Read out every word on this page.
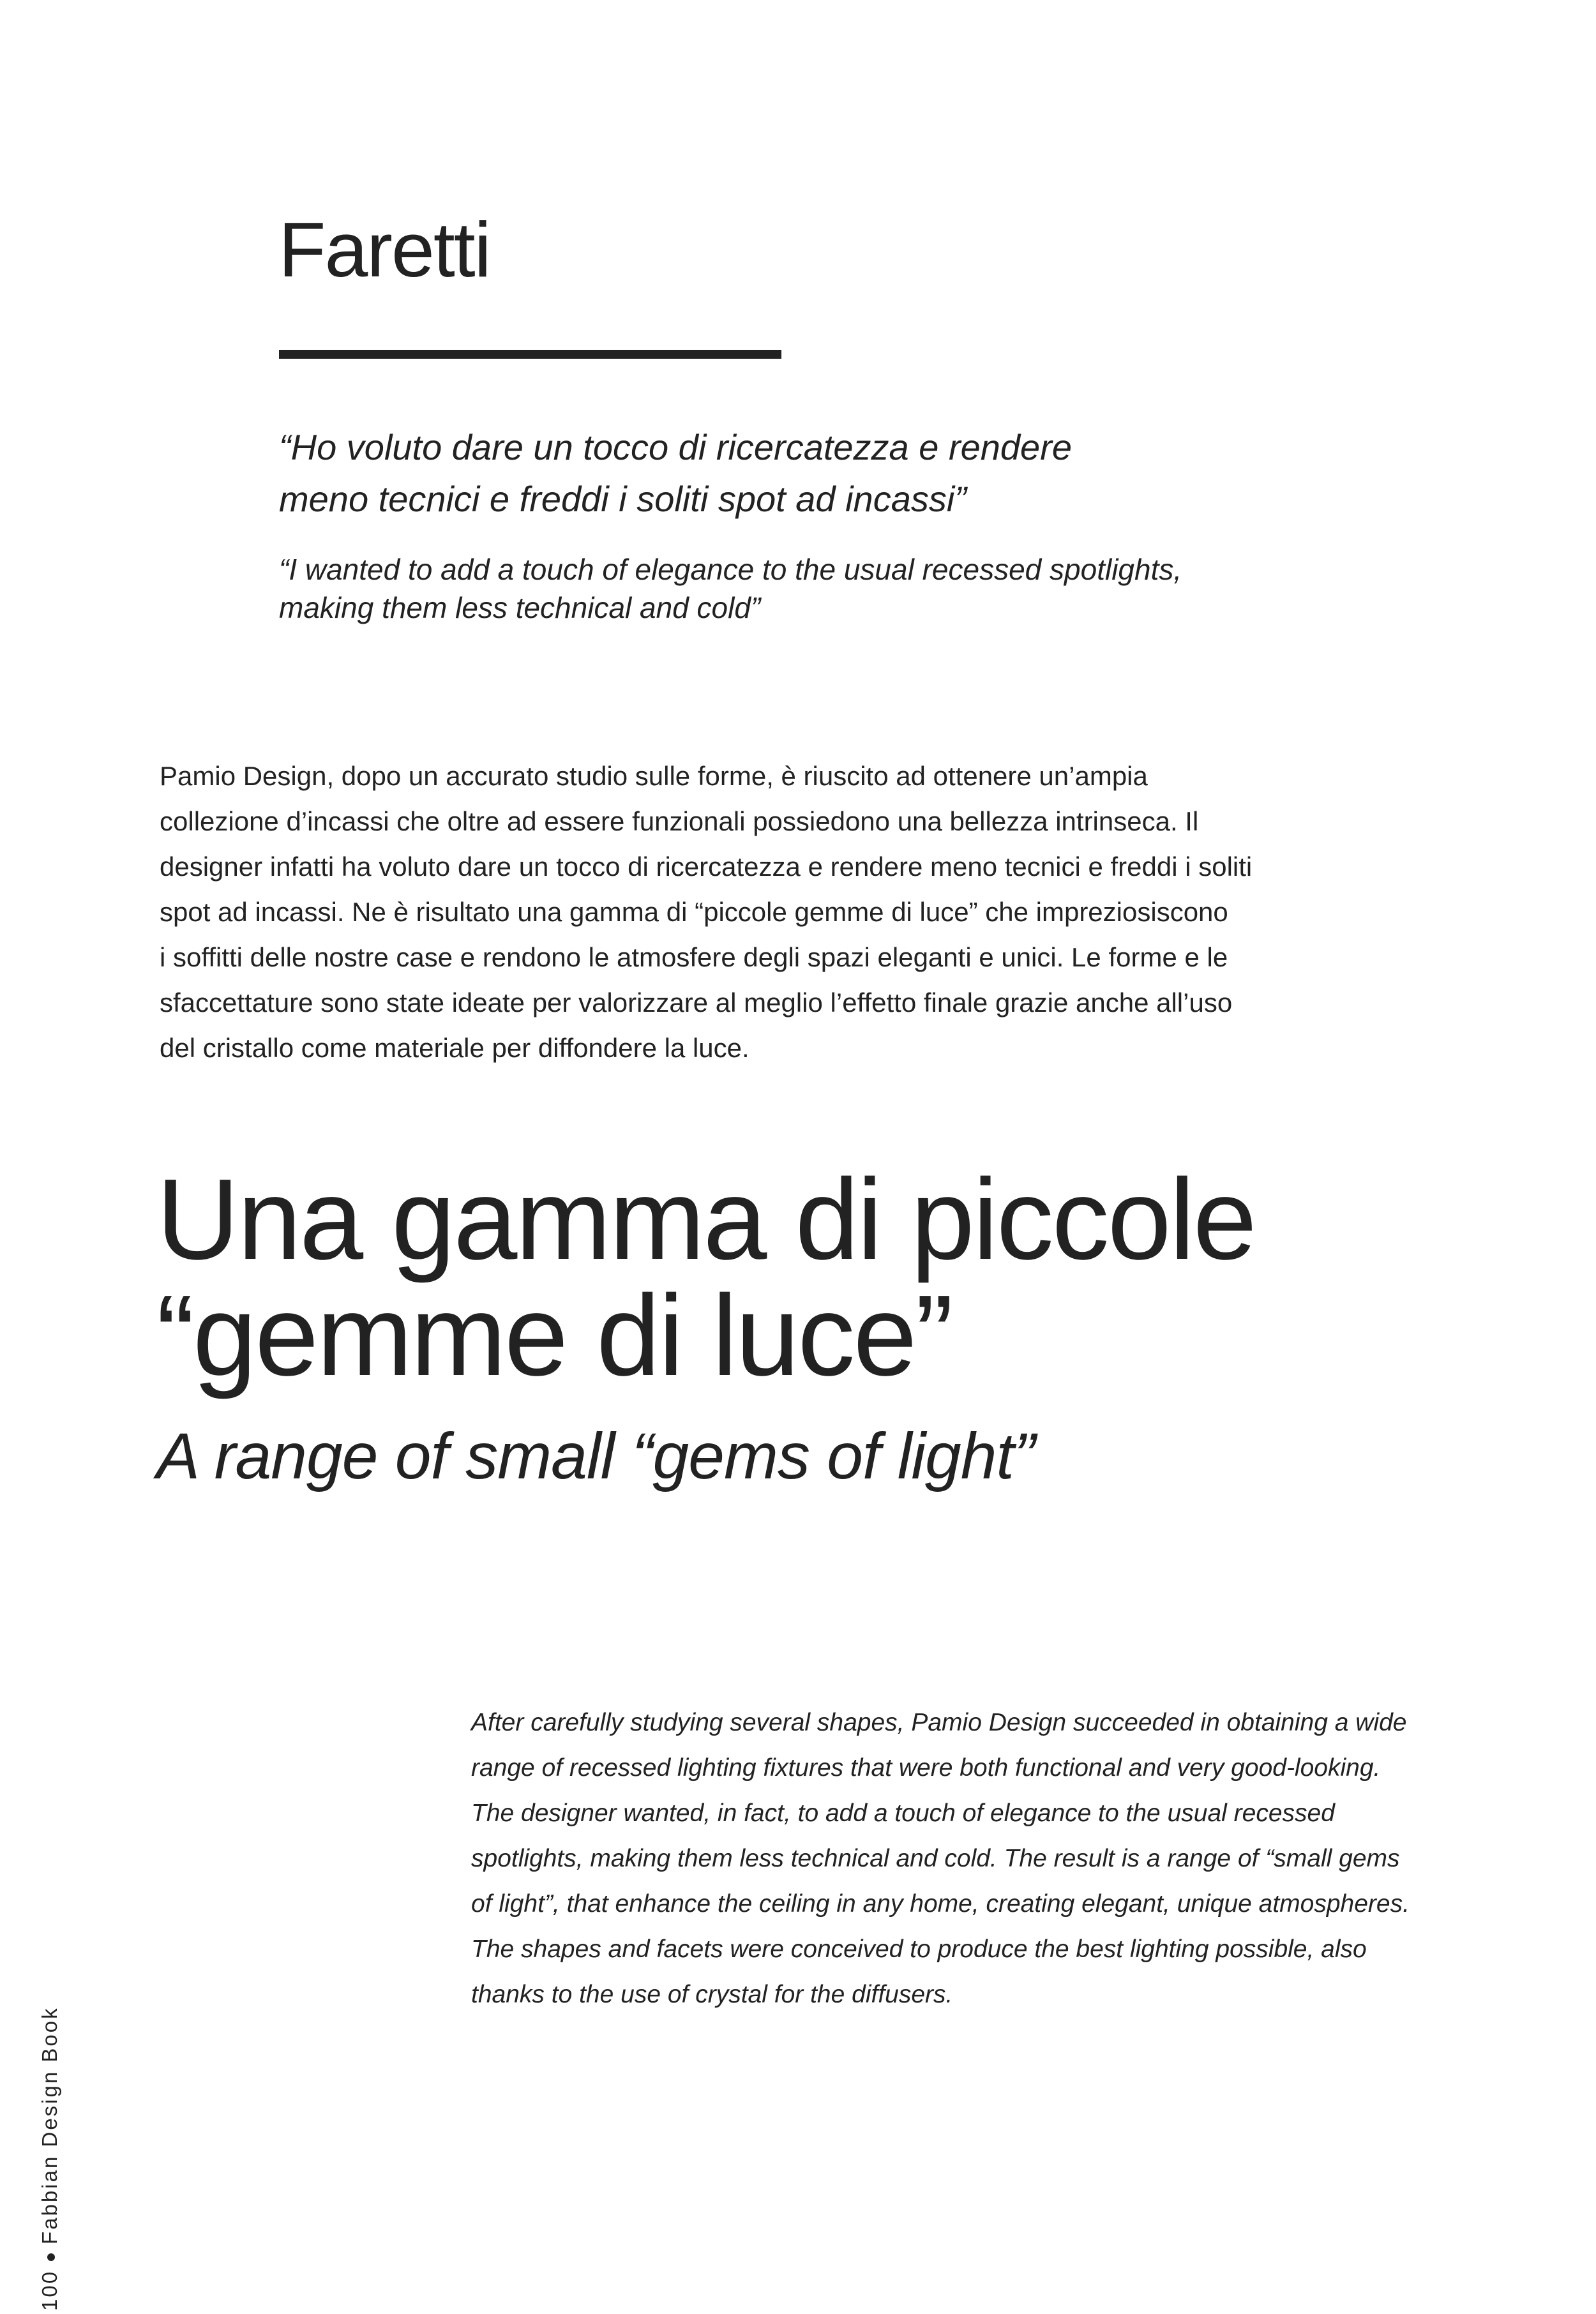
Faretti
“Ho voluto dare un tocco di ricercatezza e rendere
meno tecnici e freddi i soliti spot ad incassi”
“I wanted to add a touch of elegance to the usual recessed spotlights,
making them less technical and cold”
Pamio Design, dopo un accurato studio sulle forme, è riuscito ad ottenere un’ampia
collezione d’incassi che oltre ad essere funzionali possiedono una bellezza intrinseca. Il
designer infatti ha voluto dare un tocco di ricercatezza e rendere meno tecnici e freddi i soliti
spot ad incassi. Ne è risultato una gamma di “piccole gemme di luce” che impreziosiscono
i soffitti delle nostre case e rendono le atmosfere degli spazi eleganti e unici. Le forme e le
sfaccettature sono state ideate per valorizzare al meglio l’effetto finale grazie anche all’uso
del cristallo come materiale per diffondere la luce.
Una gamma di piccole
“gemme di luce”
A range of small “gems of light”
After carefully studying several shapes, Pamio Design succeeded in obtaining a wide
range of recessed lighting fixtures that were both functional and very good-looking.
The designer wanted, in fact, to add a touch of elegance to the usual recessed
spotlights, making them less technical and cold. The result is a range of “small gems
of light”, that enhance the ceiling in any home, creating elegant, unique atmospheres.
The shapes and facets were conceived to produce the best lighting possible, also
thanks to the use of crystal for the diffusers.
100Fabbian Design Book
